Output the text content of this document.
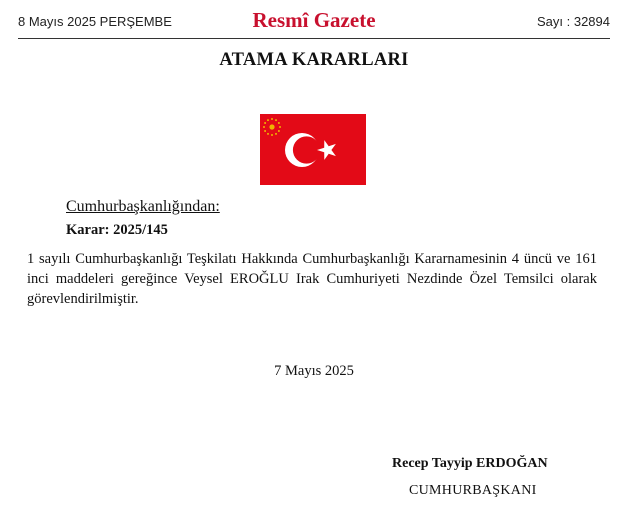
8 Mayıs 2025 PERŞEMBE	Resmî Gazete	Sayı : 32894
ATAMA KARARLARI
Cumhurbaşkanlığından:
Karar: 2025/145
1 sayılı Cumhurbaşkanlığı Teşkilatı Hakkında Cumhurbaşkanlığı Kararnamesinin 4 üncü ve 161 inci maddeleri gereğince Veysel EROĞLU Irak Cumhuriyeti Nezdinde Özel Temsilci olarak görevlendirilmiştir.
7 Mayıs 2025
Recep Tayyip ERDOĞAN
CUMHURBAŞKANI
